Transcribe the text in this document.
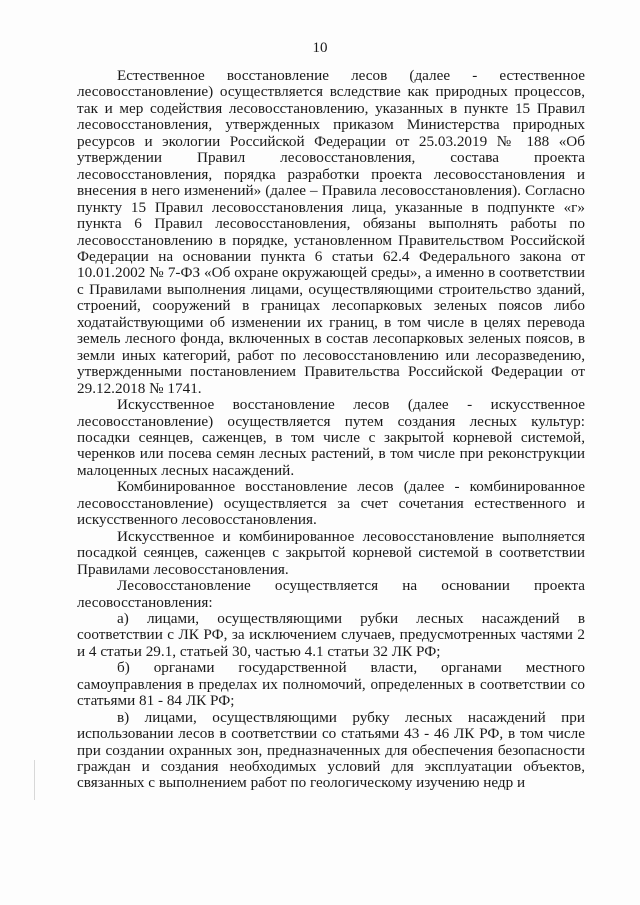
10

Естественное восстановление лесов (далее - естественное лесовосстановление) осуществляется вследствие как природных процессов, так и мер содействия лесовосстановлению, указанных в пункте 15 Правил лесовосстановления, утвержденных приказом Министерства природных ресурсов и экологии Российской Федерации от 25.03.2019 № 188 «Об утверждении Правил лесовосстановления, состава проекта лесовосстановления, порядка разработки проекта лесовосстановления и внесения в него изменений» (далее – Правила лесовосстановления). Согласно пункту 15 Правил лесовосстановления лица, указанные в подпункте «г» пункта 6 Правил лесовосстановления, обязаны выполнять работы по лесовосстановлению в порядке, установленном Правительством Российской Федерации на основании пункта 6 статьи 62.4 Федерального закона от 10.01.2002 № 7-ФЗ «Об охране окружающей среды», а именно в соответствии с Правилами выполнения лицами, осуществляющими строительство зданий, строений, сооружений в границах лесопарковых зеленых поясов либо ходатайствующими об изменении их границ, в том числе в целях перевода земель лесного фонда, включенных в состав лесопарковых зеленых поясов, в земли иных категорий, работ по лесовосстановлению или лесоразведению, утвержденными постановлением Правительства Российской Федерации от 29.12.2018 № 1741.

Искусственное восстановление лесов (далее - искусственное лесовосстановление) осуществляется путем создания лесных культур: посадки сеянцев, саженцев, в том числе с закрытой корневой системой, черенков или посева семян лесных растений, в том числе при реконструкции малоценных лесных насаждений.

Комбинированное восстановление лесов (далее - комбинированное лесовосстановление) осуществляется за счет сочетания естественного и искусственного лесовосстановления.

Искусственное и комбинированное лесовосстановление выполняется посадкой сеянцев, саженцев с закрытой корневой системой в соответствии Правилами лесовосстановления.

Лесовосстановление осуществляется на основании проекта лесовосстановления:

а) лицами, осуществляющими рубки лесных насаждений в соответствии с ЛК РФ, за исключением случаев, предусмотренных частями 2 и 4 статьи 29.1, статьей 30, частью 4.1 статьи 32 ЛК РФ;

б) органами государственной власти, органами местного самоуправления в пределах их полномочий, определенных в соответствии со статьями 81 - 84 ЛК РФ;

в) лицами, осуществляющими рубку лесных насаждений при использовании лесов в соответствии со статьями 43 - 46 ЛК РФ, в том числе при создании охранных зон, предназначенных для обеспечения безопасности граждан и создания необходимых условий для эксплуатации объектов, связанных с выполнением работ по геологическому изучению недр и
